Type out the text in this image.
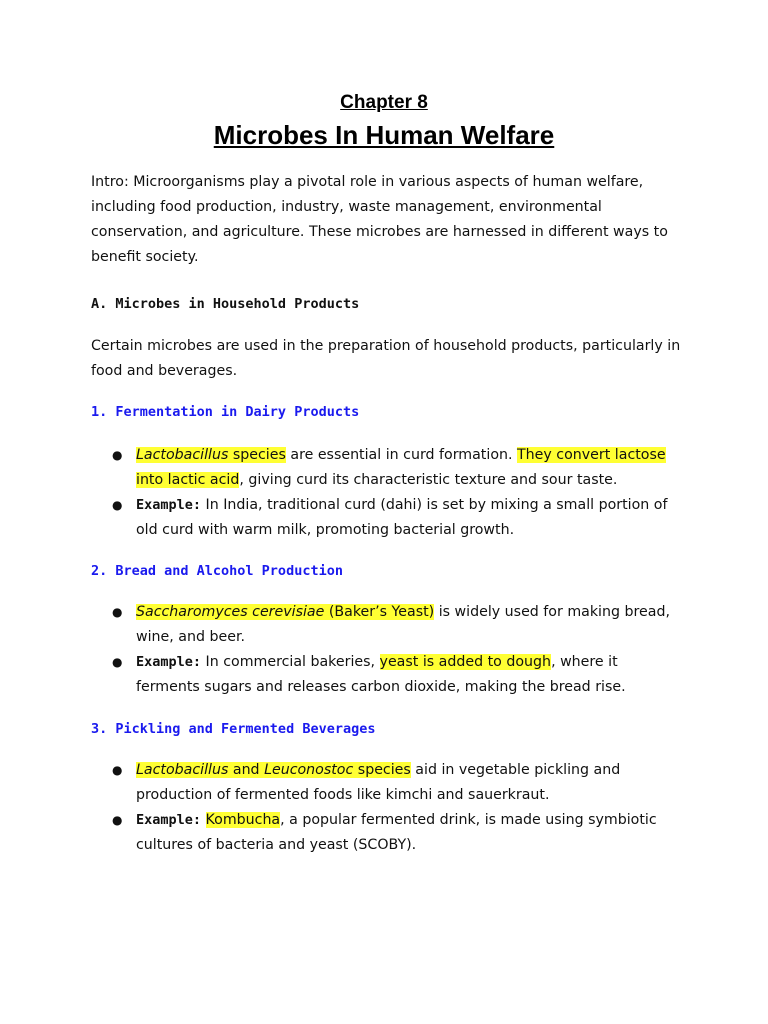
Chapter 8
Microbes In Human Welfare
Intro: Microorganisms play a pivotal role in various aspects of human welfare, including food production, industry, waste management, environmental conservation, and agriculture. These microbes are harnessed in different ways to benefit society.
A. Microbes in Household Products
Certain microbes are used in the preparation of household products, particularly in food and beverages.
1. Fermentation in Dairy Products
● Lactobacillus species are essential in curd formation. They convert lactose into lactic acid, giving curd its characteristic texture and sour taste.
● Example: In India, traditional curd (dahi) is set by mixing a small portion of old curd with warm milk, promoting bacterial growth.
2. Bread and Alcohol Production
● Saccharomyces cerevisiae (Baker’s Yeast) is widely used for making bread, wine, and beer.
● Example: In commercial bakeries, yeast is added to dough, where it ferments sugars and releases carbon dioxide, making the bread rise.
3. Pickling and Fermented Beverages
● Lactobacillus and Leuconostoc species aid in vegetable pickling and production of fermented foods like kimchi and sauerkraut.
● Example: Kombucha, a popular fermented drink, is made using symbiotic cultures of bacteria and yeast (SCOBY).
